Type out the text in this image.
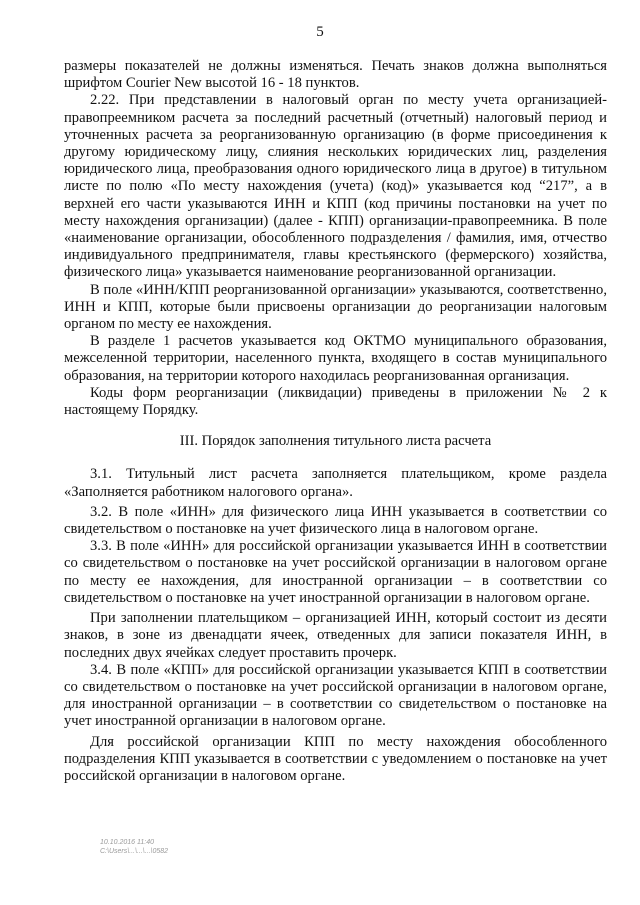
5

размеры показателей не должны изменяться. Печать знаков должна выполняться шрифтом Courier New высотой 16 - 18 пунктов.

2.22. При представлении в налоговый орган по месту учета организацией-правопреемником расчета за последний расчетный (отчетный) налоговый период и уточненных расчета за реорганизованную организацию (в форме присоединения к другому юридическому лицу, слияния нескольких юридических лиц, разделения юридического лица, преобразования одного юридического лица в другое) в титульном листе по полю «По месту нахождения (учета) (код)» указывается код “217”, а в верхней его части указываются ИНН и КПП (код причины постановки на учет по месту нахождения организации) (далее - КПП) организации-правопреемника. В поле «наименование организации, обособленного подразделения / фамилия, имя, отчество индивидуального предпринимателя, главы крестьянского (фермерского) хозяйства, физического лица» указывается наименование реорганизованной организации.

В поле «ИНН/КПП реорганизованной организации» указываются, соответственно, ИНН и КПП, которые были присвоены организации до реорганизации налоговым органом по месту ее нахождения.

В разделе 1 расчетов указывается код ОКТМО муниципального образования, межселенной территории, населенного пункта, входящего в состав муниципального образования, на территории которого находилась реорганизованная организация.

Коды форм реорганизации (ликвидации) приведены в приложении № 2 к настоящему Порядку.

III. Порядок заполнения титульного листа расчета

3.1. Титульный лист расчета заполняется плательщиком, кроме раздела «Заполняется работником налогового органа».

3.2. В поле «ИНН» для физического лица ИНН указывается в соответствии со свидетельством о постановке на учет физического лица в налоговом органе.

3.3. В поле «ИНН» для российской организации указывается ИНН в соответствии со свидетельством о постановке на учет российской организации в налоговом органе по месту ее нахождения, для иностранной организации – в соответствии со свидетельством о постановке на учет иностранной организации в налоговом органе.

При заполнении плательщиком – организацией ИНН, который состоит из десяти знаков, в зоне из двенадцати ячеек, отведенных для записи показателя ИНН, в последних двух ячейках следует проставить прочерк.

3.4. В поле «КПП» для российской организации указывается КПП в соответствии со свидетельством о постановке на учет российской организации в налоговом органе, для иностранной организации – в соответствии со свидетельством о постановке на учет иностранной организации в налоговом органе.

Для российской организации КПП по месту нахождения обособленного подразделения КПП указывается в соответствии с уведомлением о постановке на учет российской организации в налоговом органе.

10.10.2016 11:40
С:\Users\...\...\...\0582
